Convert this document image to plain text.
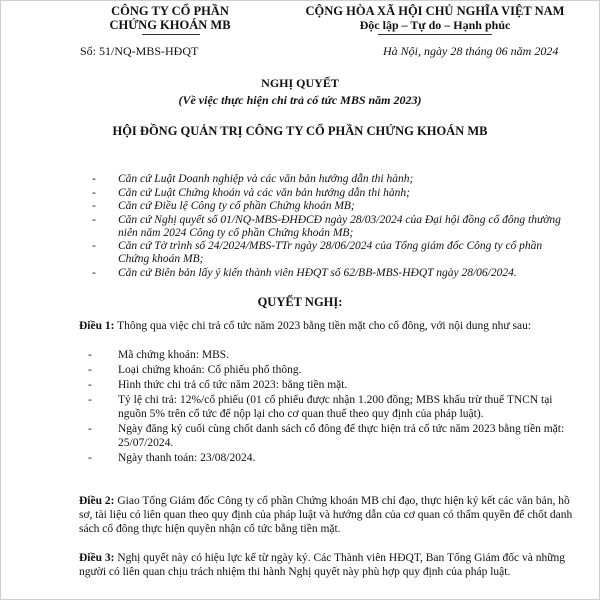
CÔNG TY CỔ PHẦN
CHỨNG KHOÁN MB
CỘNG HÒA XÃ HỘI CHỦ NGHĨA VIỆT NAM
Độc lập – Tự do – Hạnh phúc
Số: 51/NQ-MBS-HĐQT	Hà Nội, ngày 28 tháng 06 năm 2024
NGHỊ QUYẾT
(Về việc thực hiện chi trả cổ tức MBS năm 2023)
HỘI ĐỒNG QUẢN TRỊ CÔNG TY CỔ PHẦN CHỨNG KHOÁN MB
- Căn cứ Luật Doanh nghiệp và các văn bản hướng dẫn thi hành;
- Căn cứ Luật Chứng khoán và các văn bản hướng dẫn thi hành;
- Căn cứ Điều lệ Công ty cổ phần Chứng khoán MB;
- Căn cứ Nghị quyết số 01/NQ-MBS-ĐHĐCĐ ngày 28/03/2024 của Đại hội đồng cổ đông thường niên năm 2024 Công ty cổ phần Chứng khoán MB;
- Căn cứ Tờ trình số 24/2024/MBS-TTr ngày 28/06/2024 của Tổng giám đốc Công ty cổ phần Chứng khoán MB;
- Căn cứ Biên bản lấy ý kiến thành viên HĐQT số 62/BB-MBS-HĐQT ngày 28/06/2024.
QUYẾT NGHỊ:
Điều 1: Thông qua việc chi trả cổ tức năm 2023 bằng tiền mặt cho cổ đông, với nội dung như sau:
- Mã chứng khoán: MBS.
- Loại chứng khoán: Cổ phiếu phổ thông.
- Hình thức chi trả cổ tức năm 2023: bằng tiền mặt.
- Tỷ lệ chi trả: 12%/cổ phiếu (01 cổ phiếu được nhận 1.200 đồng; MBS khấu trừ thuế TNCN tại nguồn 5% trên cổ tức để nộp lại cho cơ quan thuế theo quy định của pháp luật).
- Ngày đăng ký cuối cùng chốt danh sách cổ đông để thực hiện trả cổ tức năm 2023 bằng tiền mặt: 25/07/2024.
- Ngày thanh toán: 23/08/2024.
Điều 2: Giao Tổng Giám đốc Công ty cổ phần Chứng khoán MB chỉ đạo, thực hiện ký kết các văn bản, hồ sơ, tài liệu có liên quan theo quy định của pháp luật và hướng dẫn của cơ quan có thẩm quyền để chốt danh sách cổ đông thực hiện quyền nhận cổ tức bằng tiền mặt.
Điều 3: Nghị quyết này có hiệu lực kể từ ngày ký. Các Thành viên HĐQT, Ban Tổng Giám đốc và những người có liên quan chịu trách nhiệm thi hành Nghị quyết này phù hợp quy định của pháp luật.
